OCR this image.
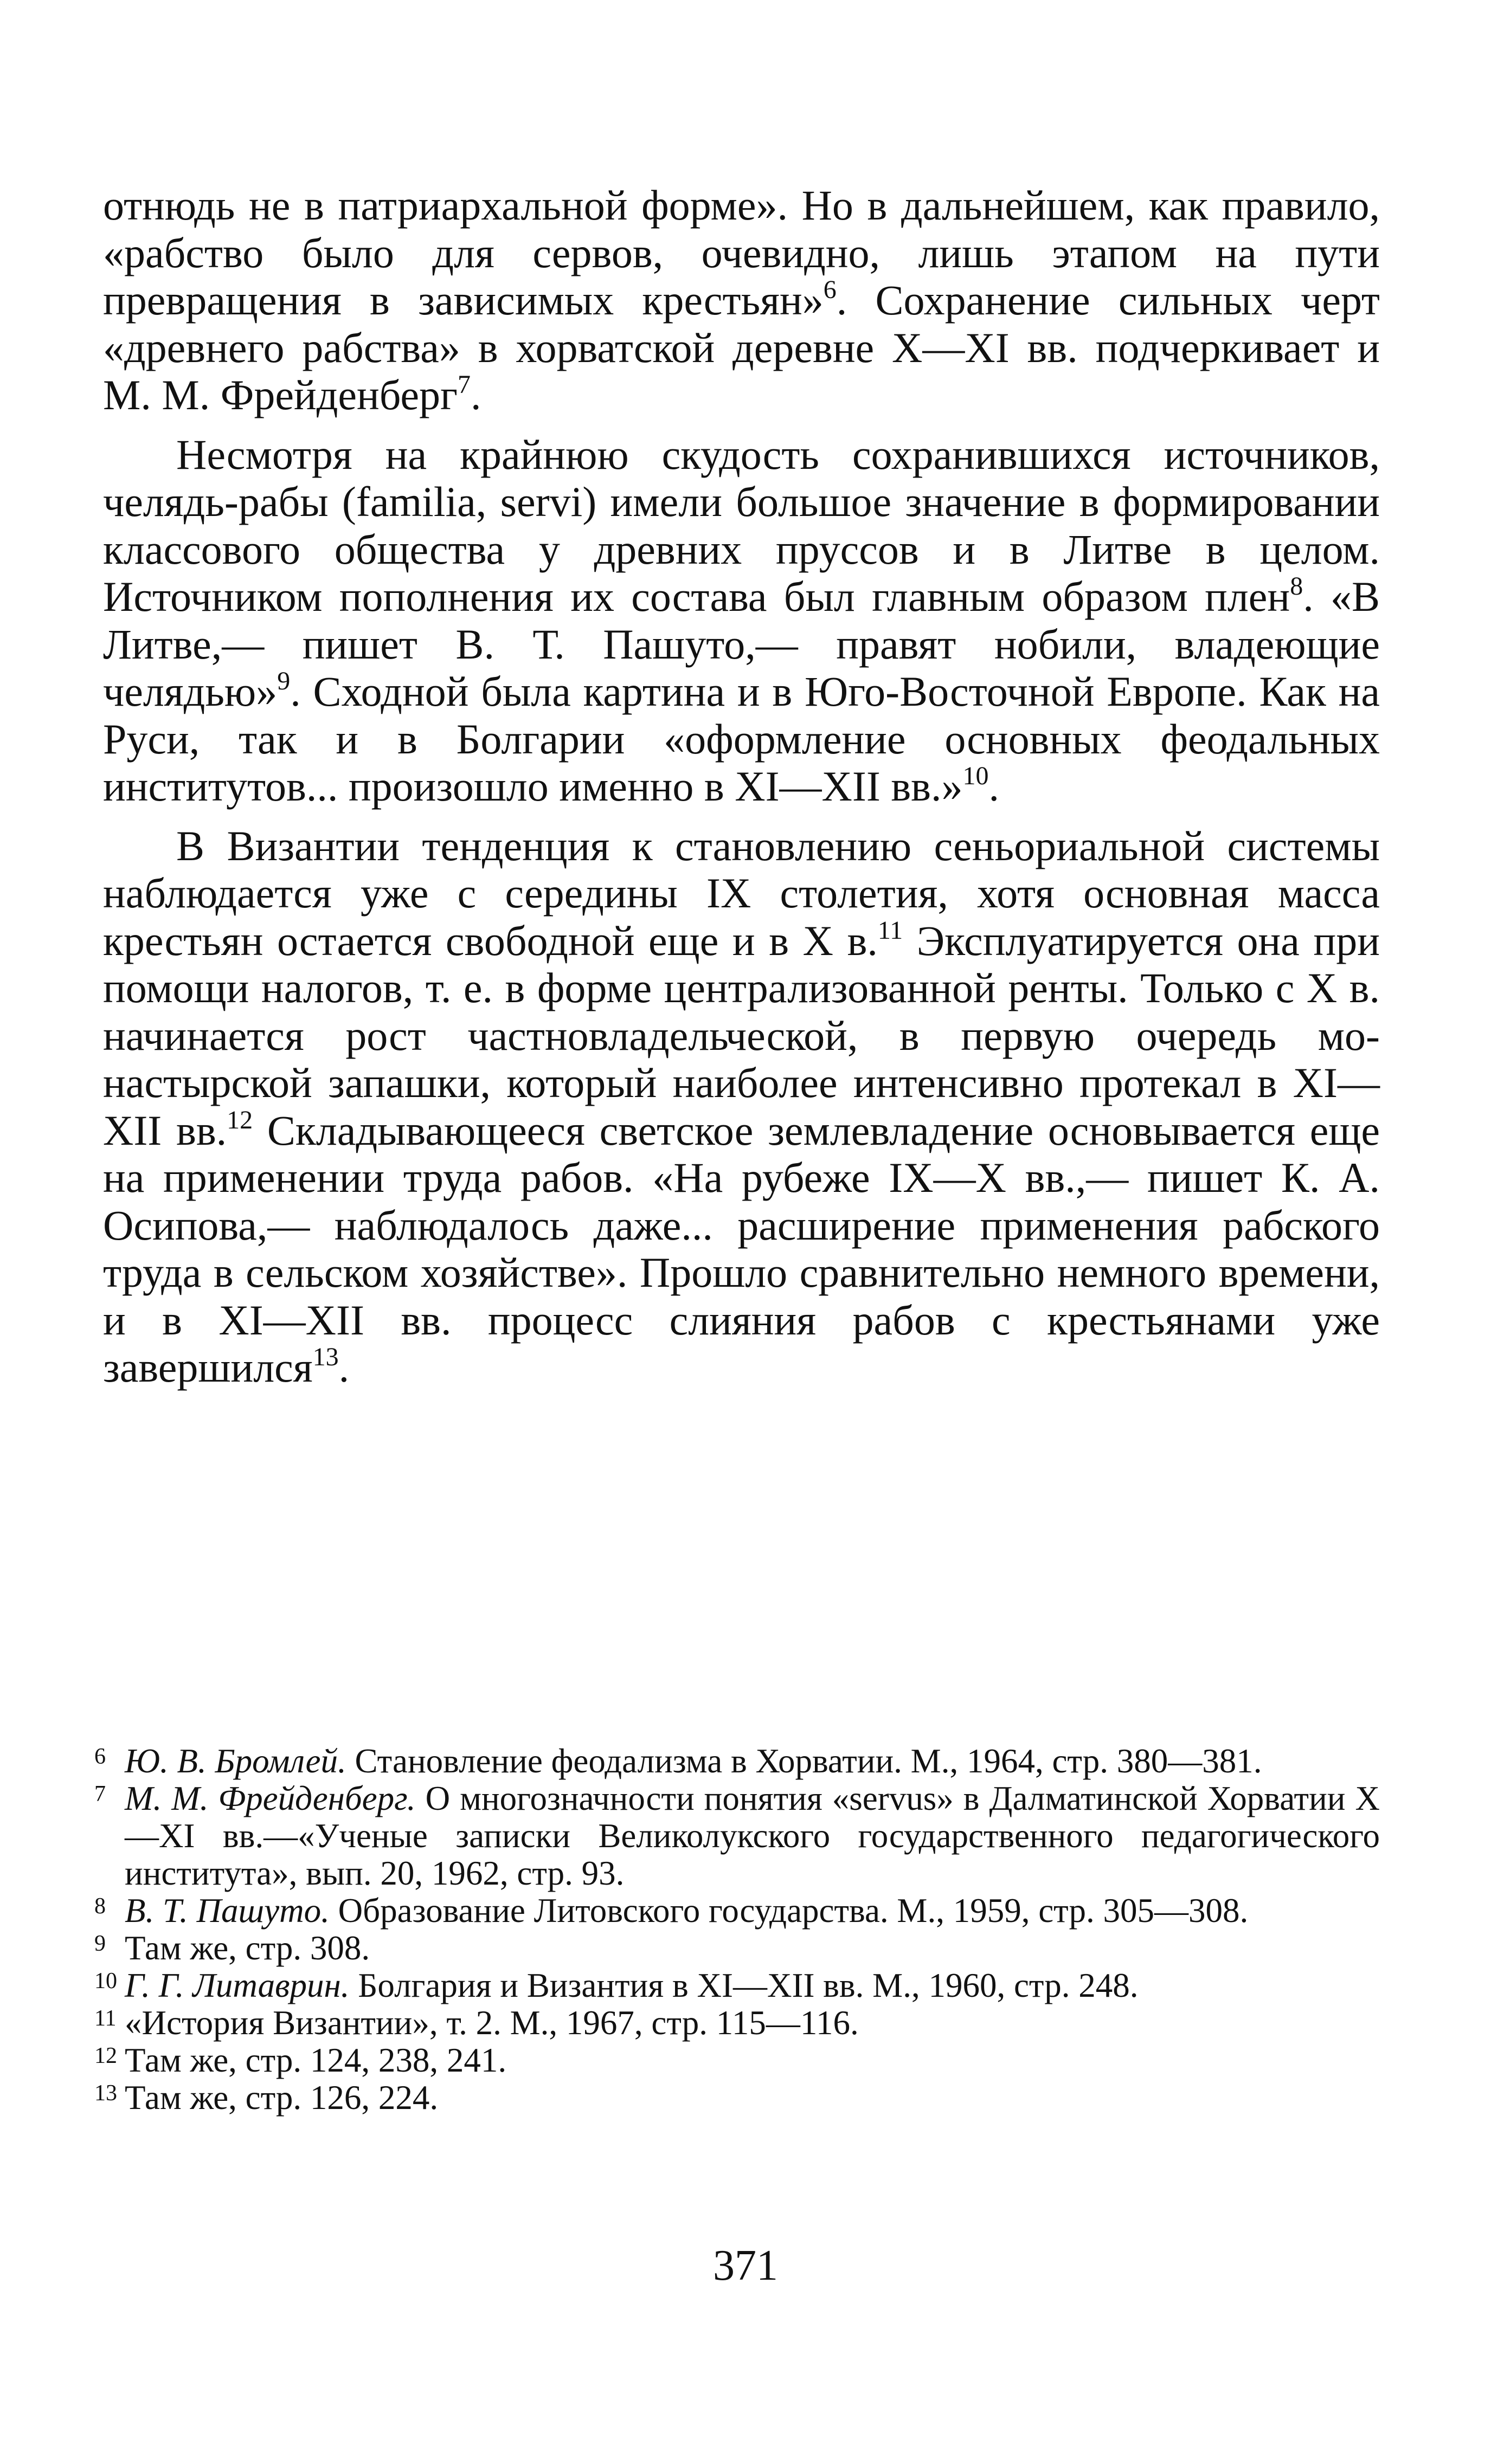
отнюдь не в патриархальной форме». Но в дальнейшем, как правило, «рабство было для сервов, очевидно, лишь этапом на пути превращения в зависимых крестьян»$^6$. Сохранение сильных черт «древнего рабства» в хорватской деревне X—XI вв. подчеркивает и М. М. Фрейденберг$^7$.

Несмотря на крайнюю скудость сохранившихся источников, челядь-рабы (familia, servi) имели большое значение в формировании классового общества у древних пруссов и в Литве в целом. Источником пополнения их состава был главным образом плен$^8$. «В Литве,— пишет В. Т. Пашуто,— правят нобили, владеющие челядью»$^9$. Сходной была картина и в Юго-Восточной Европе. Как на Руси, так и в Болгарии «оформление основных феодальных институтов... произошло именно в XI—XII вв.»$^{10}$.

В Византии тенденция к становлению сеньориальной системы наблюдается уже с середины IX столетия, хотя основная масса крестьян остается свободной еще и в X в.$^{11}$ Эксплуатируется она при помощи налогов, т. е. в форме централизованной ренты. Только с X в. начинается рост частновладельческой, в первую очередь монастырской запашки, который наиболее интенсивно протекал в XI—XII вв.$^{12}$ Складывающееся светское землевладение основывается еще на применении труда рабов. «На рубеже IX—X вв.,— пишет К. А. Осипова,— наблюдалось даже... расширение применения рабского труда в сельском хозяйстве». Прошло сравнительно немного времени, и в XI—XII вв. процесс слияния рабов с крестьянами уже завершился$^{13}$.

6 Ю. В. Бромлей. Становление феодализма в Хорватии. М., 1964, стр. 380—381.

7 М. М. Фрейденберг. О многозначности понятия «servus» в Далматинской Хорватии X—XI вв.—«Ученые записки Великолукского государственного педагогического института», вып. 20, 1962, стр. 93.

8 В. Т. Пашуто. Образование Литовского государства. М., 1959, стр. 305—308.

9 Там же, стр. 308.

10 Г. Г. Литаврин. Болгария и Византия в XI—XII вв. М., 1960, стр. 248.

11 «История Византии», т. 2. М., 1967, стр. 115—116.

12 Там же, стр. 124, 238, 241.

13 Там же, стр. 126, 224.

371
